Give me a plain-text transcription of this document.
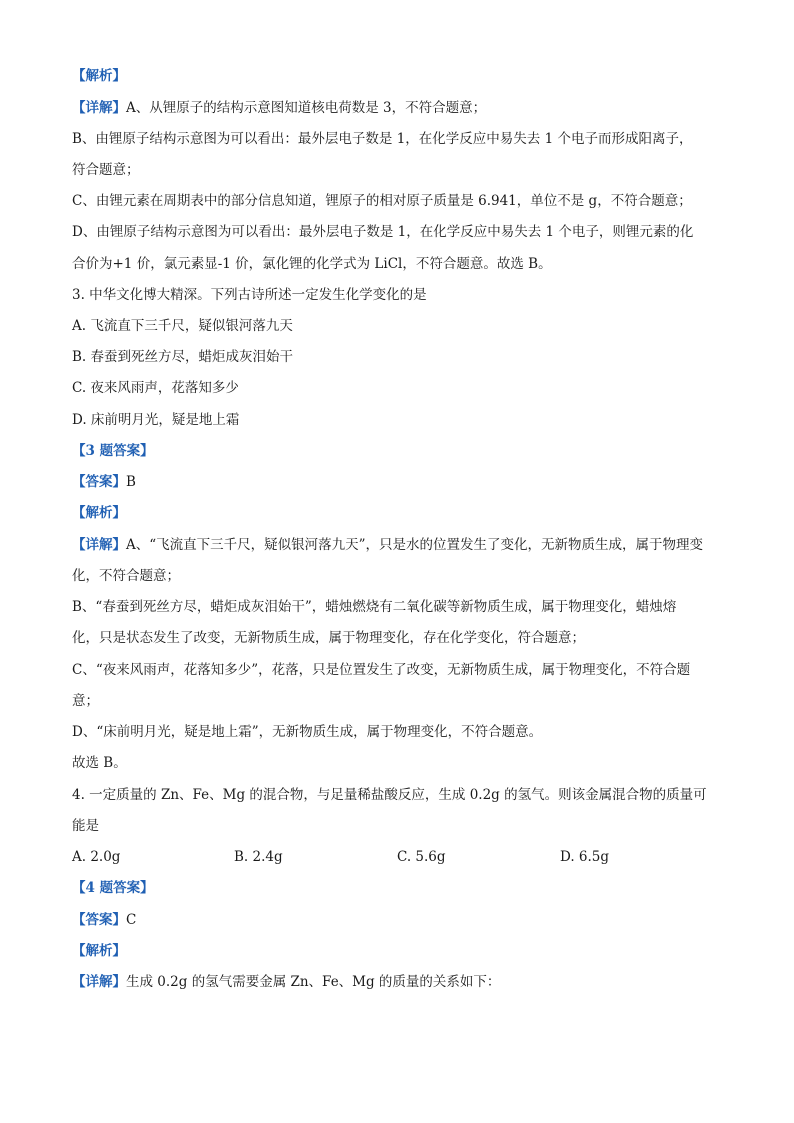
【解析】
【详解】A、从锂原子的结构示意图知道核电荷数是 3，不符合题意；
B、由锂原子结构示意图为可以看出：最外层电子数是 1，在化学反应中易失去 1 个电子而形成阳离子，
符合题意；
C、由锂元素在周期表中的部分信息知道，锂原子的相对原子质量是 6.941，单位不是 g，不符合题意；
D、由锂原子结构示意图为可以看出：最外层电子数是 1，在化学反应中易失去 1 个电子，则锂元素的化
合价为+1 价，氯元素显-1 价，氯化锂的化学式为 LiCl，不符合题意。故选 B。
3. 中华文化博大精深。下列古诗所述一定发生化学变化的是
A. 飞流直下三千尺，疑似银河落九天
B. 春蚕到死丝方尽，蜡炬成灰泪始干
C. 夜来风雨声，花落知多少
D. 床前明月光，疑是地上霜
【3 题答案】
【答案】B
【解析】
【详解】A、“飞流直下三千尺，疑似银河落九天”，只是水的位置发生了变化，无新物质生成，属于物理变
化，不符合题意；
B、“春蚕到死丝方尽，蜡炬成灰泪始干”，蜡烛燃烧有二氧化碳等新物质生成，属于物理变化，蜡烛熔
化，只是状态发生了改变，无新物质生成，属于物理变化，存在化学变化，符合题意；
C、“夜来风雨声，花落知多少”，花落，只是位置发生了改变，无新物质生成，属于物理变化，不符合题
意；
D、“床前明月光，疑是地上霜”，无新物质生成，属于物理变化，不符合题意。
故选 B。
4. 一定质量的 Zn、Fe、Mg 的混合物，与足量稀盐酸反应，生成 0.2g 的氢气。则该金属混合物的质量可
能是
A. 2.0g	B. 2.4g	C. 5.6g	D. 6.5g
【4 题答案】
【答案】C
【解析】
【详解】生成 0.2g 的氢气需要金属 Zn、Fe、Mg 的质量的关系如下：
